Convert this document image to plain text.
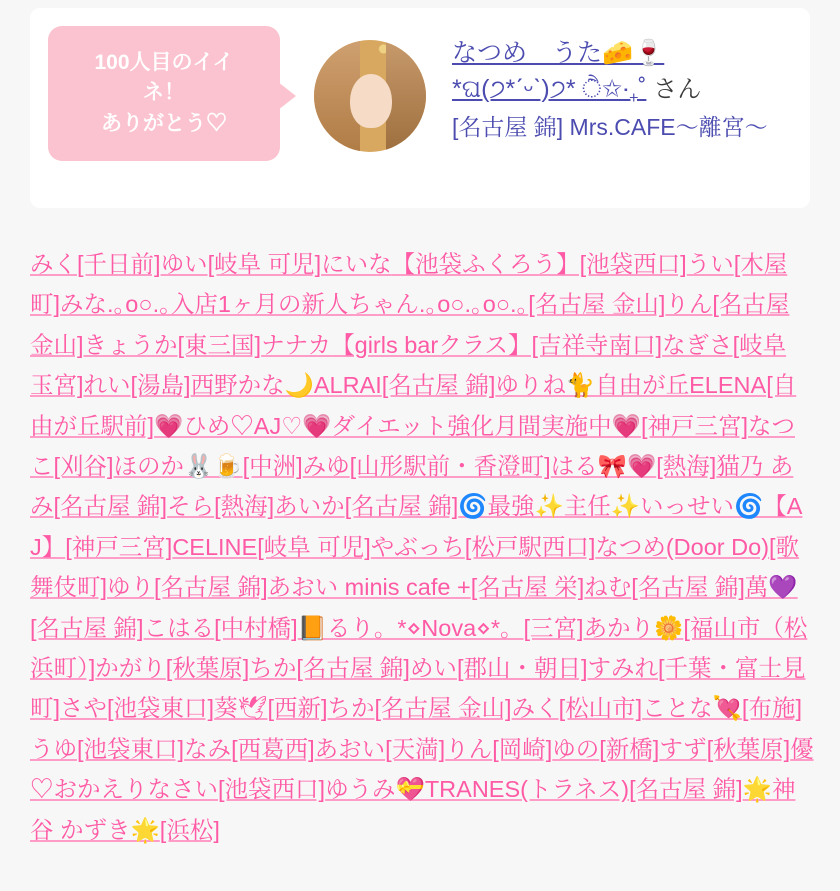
100人目のイイ
ネ！
ありがとう♡
なつめ　うた🧀🍷
*ଘ(੭*ˊᵕˋ)੭* ੈ✩‧₊˚ さん
[名古屋 錦] Mrs.CAFE〜離宮〜
みく[千日前]ゆい[岐阜 可児]にいな【池袋ふくろう】[池袋西口]うい[木屋町]みな.｡o○.｡入店1ヶ月の新人ちゃん.｡o○.｡o○.｡[名古屋 金山]りん[名古屋 金山]きょうか[東三国]ナナカ【girls barクラス】[吉祥寺南口]なぎさ[岐阜 玉宮]れい[湯島]西野かな🌙ALRAI[名古屋 錦]ゆりね🐈自由が丘ELENA[自由が丘駅前]💗ひめ♡AJ♡💗ダイエット強化月間実施中💗[神戸三宮]なつこ[刈谷]ほのか🐰🍺[中洲]みゆ[山形駅前・香澄町]はる🎀💗[熱海]猫乃 あみ[名古屋 錦]そら[熱海]あいか[名古屋 錦]🌀最強✨主任✨いっせい🌀【AJ】[神戸三宮]CELINE[岐阜 可児]やぶっち[松戸駅西口]なつめ(Door Do)[歌舞伎町]ゆり[名古屋 錦]あおい minis cafe +[名古屋 栄]ねむ[名古屋 錦]萬💜[名古屋 錦]こはる[中村橋]📙るり。*⋄Nova⋄*。[三宮]あかり🌼[福山市（松浜町）]かがり[秋葉原]ちか[名古屋 錦]めい[郡山・朝日]すみれ[千葉・富士見町]さや[池袋東口]葵🕊[西新]ちか[名古屋 金山]みく[松山市]ことな💘[布施]うゆ[池袋東口]なみ[西葛西]あおい[天満]りん[岡崎]ゆの[新橋]すず[秋葉原]優♡おかえりなさい[池袋西口]ゆうみ💝TRANES(トラネス)[名古屋 錦]🌟神谷 かずき🌟[浜松]
